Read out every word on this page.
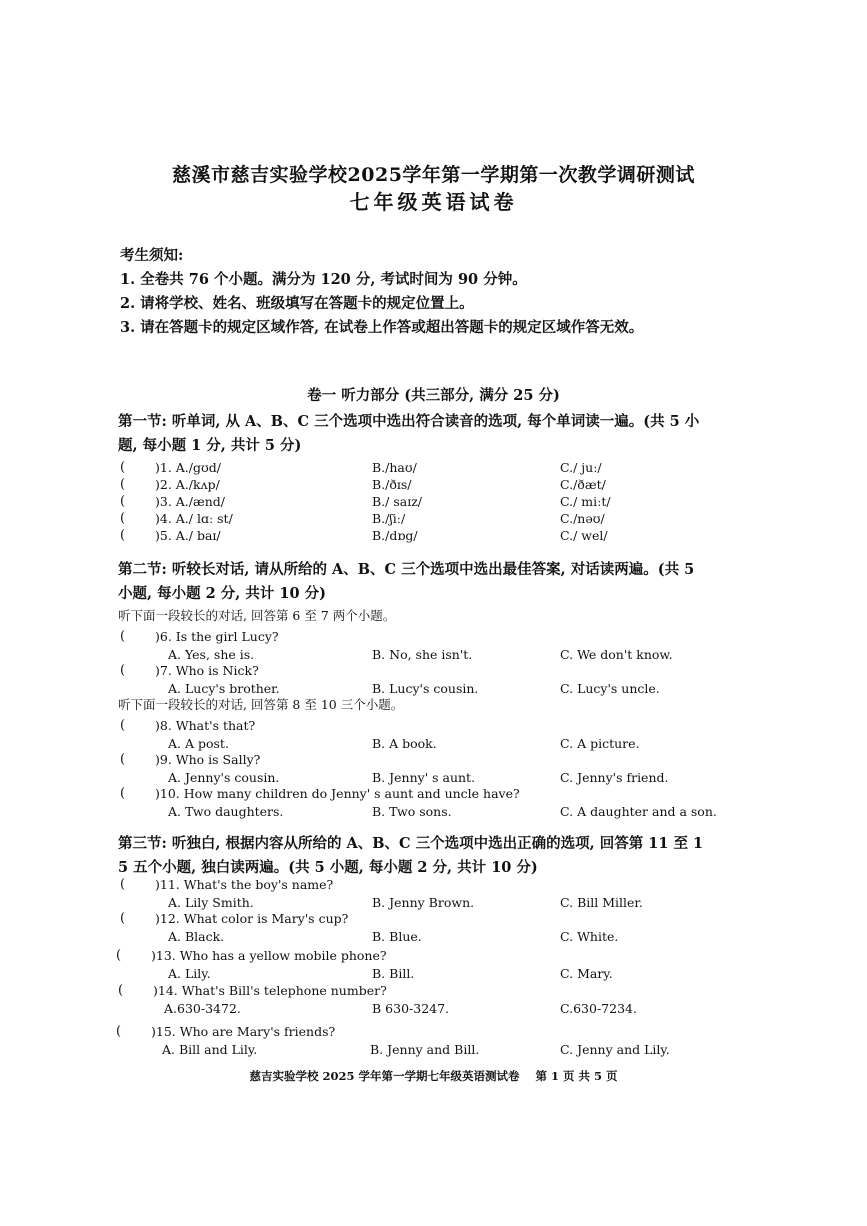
慈溪市慈吉实验学校2025学年第一学期第一次教学调研测试
七年级英语试卷
考生须知:
1. 全卷共 76 个小题。满分为 120 分, 考试时间为 90 分钟。
2. 请将学校、姓名、班级填写在答题卡的规定位置上。
3. 请在答题卡的规定区域作答, 在试卷上作答或超出答题卡的规定区域作答无效。
卷一 听力部分 (共三部分, 满分 25 分)
第一节: 听单词, 从 A、B、C 三个选项中选出符合读音的选项, 每个单词读一遍。(共 5 小
题, 每小题 1 分, 共计 5 分)
( )1. A./gʊd/	B./haʊ/	C./ juː/
( )2. A./kʌp/	B./ðɪs/	C./ðæt/
( )3. A./ænd/	B./ saɪz/	C./ miːt/
( )4. A./ lɑː st/	B./ʃiː/	C./nəʊ/
( )5. A./ baɪ/	B./dɒg/	C./ wel/
第二节: 听较长对话, 请从所给的 A、B、C 三个选项中选出最佳答案, 对话读两遍。(共 5
小题, 每小题 2 分, 共计 10 分)
听下面一段较长的对话, 回答第 6 至 7 两个小题。
( )6. Is the girl Lucy?
A. Yes, she is.	B. No, she isn't.	C. We don't know.
( )7. Who is Nick?
A. Lucy's brother.	B. Lucy's cousin.	C. Lucy's uncle.
听下面一段较长的对话, 回答第 8 至 10 三个小题。
( )8. What's that?
A. A post.	B. A book.	C. A picture.
( )9. Who is Sally?
A. Jenny's cousin.	B. Jenny' s aunt.	C. Jenny's friend.
( )10. How many children do Jenny' s aunt and uncle have?
A. Two daughters.	B. Two sons.	C. A daughter and a son.
第三节: 听独白, 根据内容从所给的 A、B、C 三个选项中选出正确的选项, 回答第 11 至 1
5 五个小题, 独白读两遍。(共 5 小题, 每小题 2 分, 共计 10 分)
( )11. What's the boy's name?
A. Lily Smith.	B. Jenny Brown.	C. Bill Miller.
( )12. What color is Mary's cup?
A. Black.	B. Blue.	C. White.
( )13. Who has a yellow mobile phone?
A. Lily.	B. Bill.	C. Mary.
( )14. What's Bill's telephone number?
A.630-3472.	B 630-3247.	C.630-7234.
( )15. Who are Mary's friends?
A. Bill and Lily.	B. Jenny and Bill.	C. Jenny and Lily.
慈吉实验学校 2025 学年第一学期七年级英语测试卷 第 1 页 共 5 页
